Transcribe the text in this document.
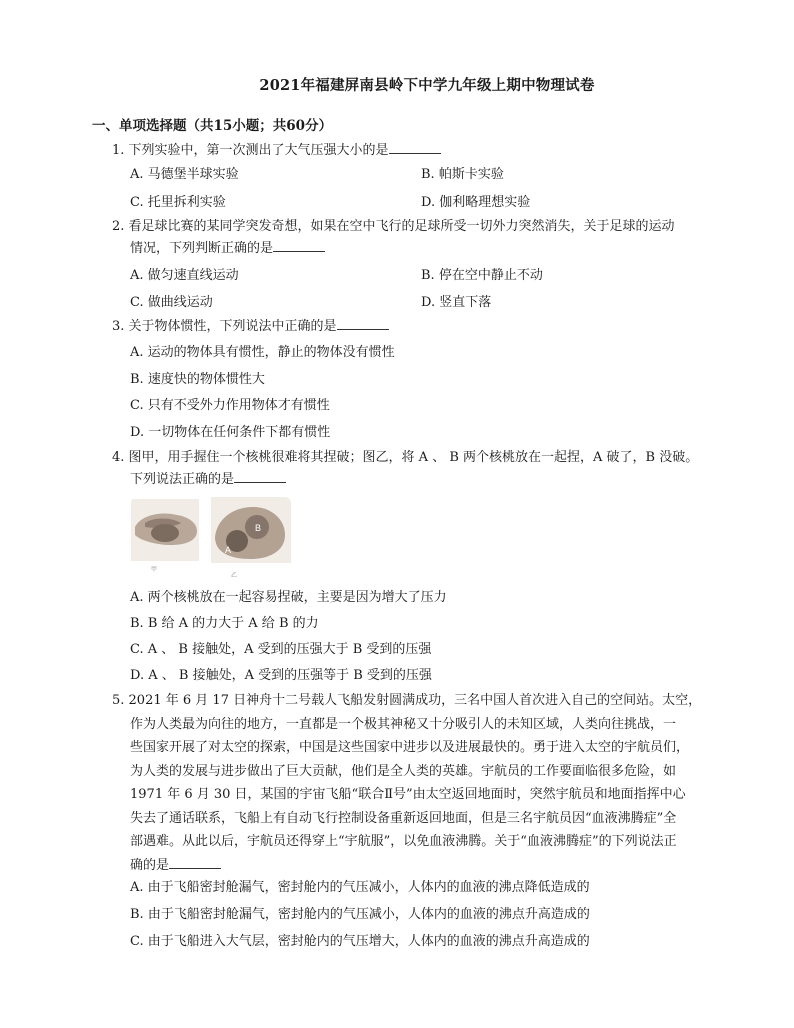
2021年福建屏南县岭下中学九年级上期中物理试卷
一、单项选择题（共15小题；共60分）

1. 下列实验中，第一次测出了大气压强大小的是

A. 马德堡半球实验	B. 帕斯卡实验
C. 托里拆利实验	D. 伽利略理想实验

2. 看足球比赛的某同学突发奇想，如果在空中飞行的足球所受一切外力突然消失，关于足球的运动

情况，下列判断正确的是

A. 做匀速直线运动	B. 停在空中静止不动
C. 做曲线运动	D. 竖直下落

3. 关于物体惯性，下列说法中正确的是

A. 运动的物体具有惯性，静止的物体没有惯性
B. 速度快的物体惯性大
C. 只有不受外力作用物体才有惯性
D. 一切物体在任何条件下都有惯性

4. 图甲，用手握住一个核桃很难将其捏破；图乙，将 A 、 B 两个核桃放在一起捏，A 破了，B 没破。

下列说法正确的是

A
B
甲
乙
A. 两个核桃放在一起容易捏破，主要是因为增大了压力
B. B 给 A 的力大于 A 给 B 的力
C. A 、 B 接触处，A 受到的压强大于 B 受到的压强
D. A 、 B 接触处，A 受到的压强等于 B 受到的压强
5. 2021 年 6 月 17 日神舟十二号载人飞船发射圆满成功，三名中国人首次进入自己的空间站。太空，
作为人类最为向往的地方，一直都是一个极其神秘又十分吸引人的未知区域，人类向往挑战，一
些国家开展了对太空的探索，中国是这些国家中进步以及进展最快的。勇于进入太空的宇航员们，
为人类的发展与进步做出了巨大贡献，他们是全人类的英雄。宇航员的工作要面临很多危险，如
1971 年 6 月 30 日，某国的宇宙飞船“联合Ⅱ号”由太空返回地面时，突然宇航员和地面指挥中心
失去了通话联系，飞船上有自动飞行控制设备重新返回地面，但是三名宇航员因“血液沸腾症”全
部遇难。从此以后，宇航员还得穿上“宇航服”，以免血液沸腾。关于“血液沸腾症”的下列说法正
确的是
A. 由于飞船密封舱漏气，密封舱内的气压减小，人体内的血液的沸点降低造成的
B. 由于飞船密封舱漏气，密封舱内的气压减小，人体内的血液的沸点升高造成的
C. 由于飞船进入大气层，密封舱内的气压增大，人体内的血液的沸点升高造成的
